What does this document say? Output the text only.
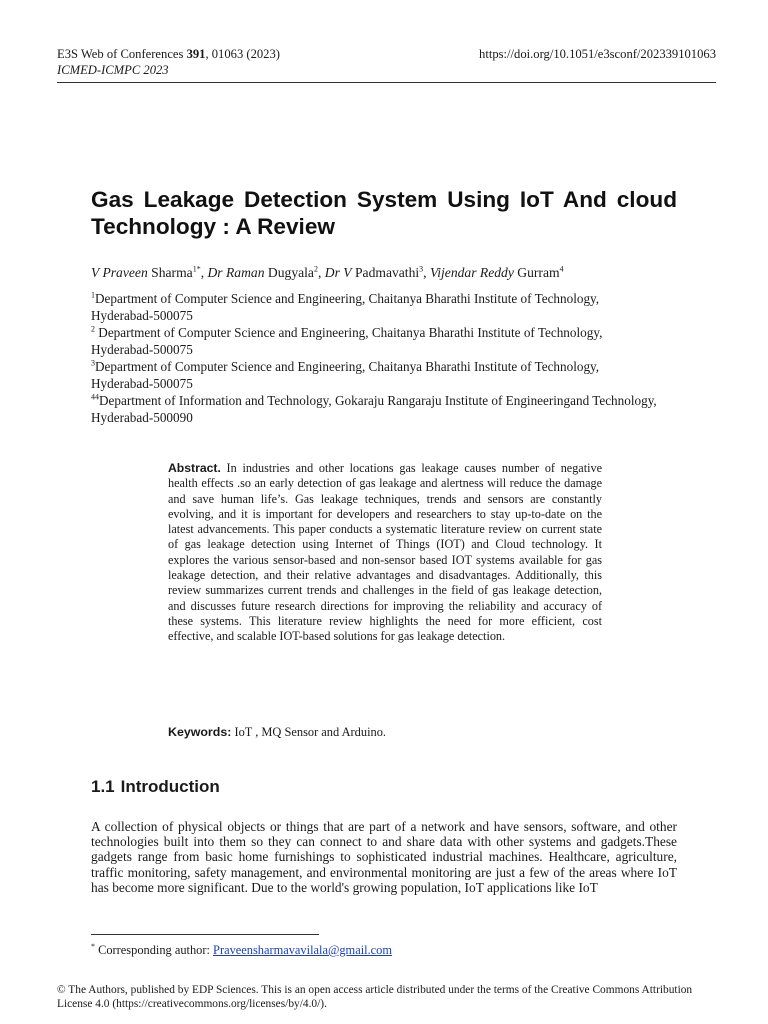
E3S Web of Conferences 391, 01063 (2023)
ICMED-ICMPC 2023
https://doi.org/10.1051/e3sconf/202339101063
Gas Leakage Detection System Using IoT And cloud Technology : A Review
V Praveen Sharma$^{1*}$, Dr Raman Dugyala$^2$, Dr V Padmavathi$^3$, Vijendar Reddy Gurram$^4$

$^1$Department of Computer Science and Engineering, Chaitanya Bharathi Institute of Technology, Hyderabad-500075

$^2$ Department of Computer Science and Engineering, Chaitanya Bharathi Institute of Technology, Hyderabad-500075

$^3$Department of Computer Science and Engineering, Chaitanya Bharathi Institute of Technology, Hyderabad-500075

$^{44}$Department of Information and Technology, Gokaraju Rangaraju Institute of Engineeringand Technology, Hyderabad-500090

Abstract. In industries and other locations gas leakage causes number of negative health effects .so an early detection of gas leakage and alertness will reduce the damage and save human life’s. Gas leakage techniques, trends and sensors are constantly evolving, and it is important for developers and researchers to stay up-to-date on the latest advancements. This paper conducts a systematic literature review on current state of gas leakage detection using Internet of Things (IOT) and Cloud technology. It explores the various sensor-based and non-sensor based IOT systems available for gas leakage detection, and their relative advantages and disadvantages. Additionally, this review summarizes current trends and challenges in the field of gas leakage detection, and discusses future research directions for improving the reliability and accuracy of these systems. This literature review highlights the need for more efficient, cost effective, and scalable IOT-based solutions for gas leakage detection.
Keywords: IoT , MQ Sensor and Arduino.
1.1 Introduction
A collection of physical objects or things that are part of a network and have sensors, software, and other technologies built into them so they can connect to and share data with other systems and gadgets.These gadgets range from basic home furnishings to sophisticated industrial machines. Healthcare, agriculture, traffic monitoring, safety management, and environmental monitoring are just a few of the areas where IoT has become more significant. Due to the world's growing population, IoT applications like IoT
* Corresponding author: Praveensharmavavilala@gmail.com
© The Authors, published by EDP Sciences. This is an open access article distributed under the terms of the Creative Commons Attribution License 4.0 (https://creativecommons.org/licenses/by/4.0/).
